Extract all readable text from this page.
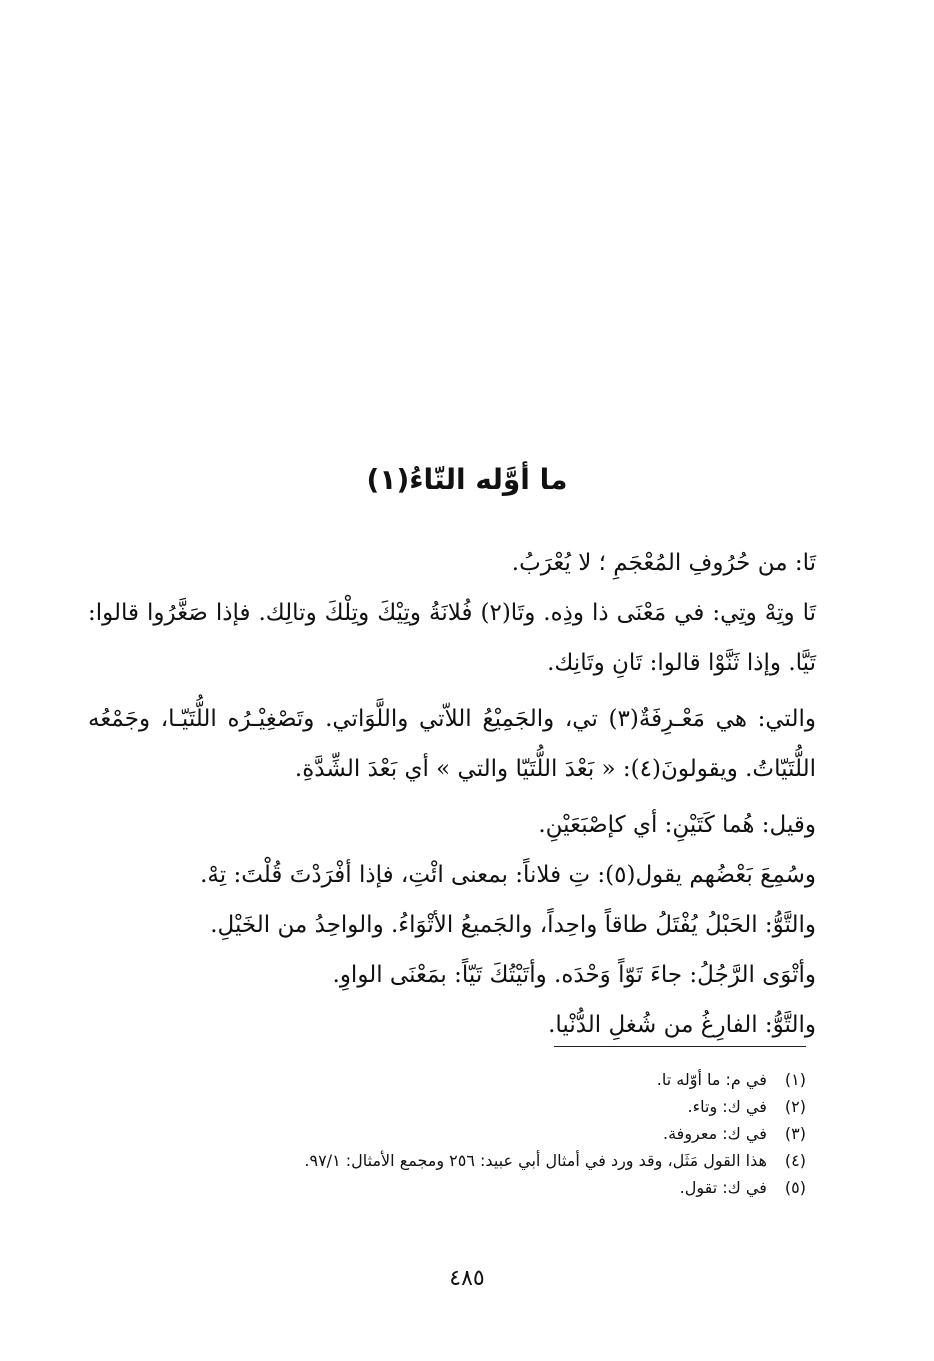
ما أوَّله التّاءُ(١)

تَا: من حُرُوفِ المُعْجَمِ ؛ لا يُعْرَبُ.

تَا وتِهْ وتِي: في مَعْنَى ذا وذِه. وتَا(٢) فُلانَةُ وتِيْكَ وتِلْكَ وتالِك. فإذا صَغَّرُوا قالوا: تَيَّا. وإذا ثَنَّوْا قالوا: تَانِ وتَانِك.

والتي: هي مَعْـرِفَةٌ(٣) تي، والجَمِيْعُ اللاّتي واللَّوَاتي. وتَصْغِيْـرُه اللُّتَيّـا، وجَمْعُه اللُّتَيّاتُ. ويقولونَ(٤): « بَعْدَ اللُّتَيّا والتي » أي بَعْدَ الشِّدَّةِ.

وقيل: هُما كَتَيْنِ: أي كإصْبَعَيْنِ.

وسُمِعَ بَعْضُهم يقول(٥): تِ فلاناً: بمعنى ائْتِ، فإذا أفْرَدْتَ قُلْتَ: تِهْ.

والتَّوُّ: الحَبْلُ يُفْتَلُ طاقاً واحِداً، والجَميعُ الأتْوَاءُ. والواحِدُ من الخَيْلِ.

وأتْوَى الرَّجُلُ: جاءَ تَوّاً وَحْدَه. وأتَيْتُكَ تَيّاً: بمَعْنَى الواوِ.

والتَّوُّ: الفارِغُ من شُغلِ الدُّنْيا.

(١) في م: ما أوّله تا.
(٢) في ك: وتاء.
(٣) في ك: معروفة.
(٤) هذا القول مَثَل، وقد ورد في أمثال أبي عبيد: ٢٥٦ ومجمع الأمثال: ٩٧/١.
(٥) في ك: تقول.
٤٨٥
